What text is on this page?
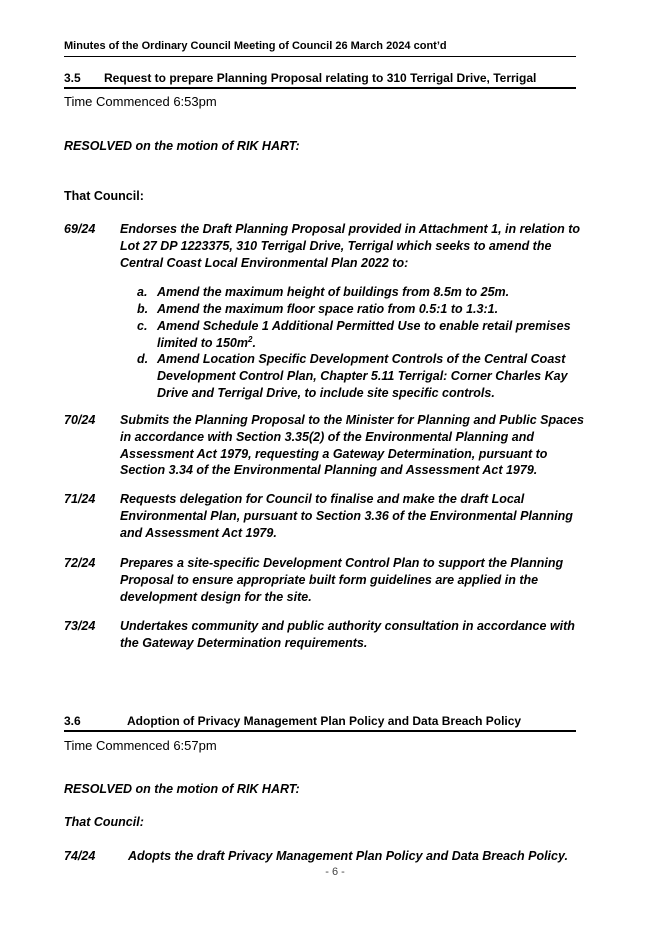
Minutes of the Ordinary Council Meeting of Council 26 March 2024 cont’d
3.5 Request to prepare Planning Proposal relating to 310 Terrigal Drive, Terrigal
Time Commenced 6:53pm
RESOLVED on the motion of RIK HART:
That Council:
69/24 Endorses the Draft Planning Proposal provided in Attachment 1, in relation to Lot 27 DP 1223375, 310 Terrigal Drive, Terrigal which seeks to amend the Central Coast Local Environmental Plan 2022 to:
a. Amend the maximum height of buildings from 8.5m to 25m.
b. Amend the maximum floor space ratio from 0.5:1 to 1.3:1.
c. Amend Schedule 1 Additional Permitted Use to enable retail premises limited to $150m^2$.
d. Amend Location Specific Development Controls of the Central Coast Development Control Plan, Chapter 5.11 Terrigal: Corner Charles Kay Drive and Terrigal Drive, to include site specific controls.
70/24 Submits the Planning Proposal to the Minister for Planning and Public Spaces in accordance with Section 3.35(2) of the Environmental Planning and Assessment Act 1979, requesting a Gateway Determination, pursuant to Section 3.34 of the Environmental Planning and Assessment Act 1979.
71/24 Requests delegation for Council to finalise and make the draft Local Environmental Plan, pursuant to Section 3.36 of the Environmental Planning and Assessment Act 1979.
72/24 Prepares a site-specific Development Control Plan to support the Planning Proposal to ensure appropriate built form guidelines are applied in the development design for the site.
73/24 Undertakes community and public authority consultation in accordance with the Gateway Determination requirements.
3.6	Adoption of Privacy Management Plan Policy and Data Breach Policy
Time Commenced 6:57pm
RESOLVED on the motion of RIK HART:
That Council:
74/24	Adopts the draft Privacy Management Plan Policy and Data Breach Policy.
- 6 -
